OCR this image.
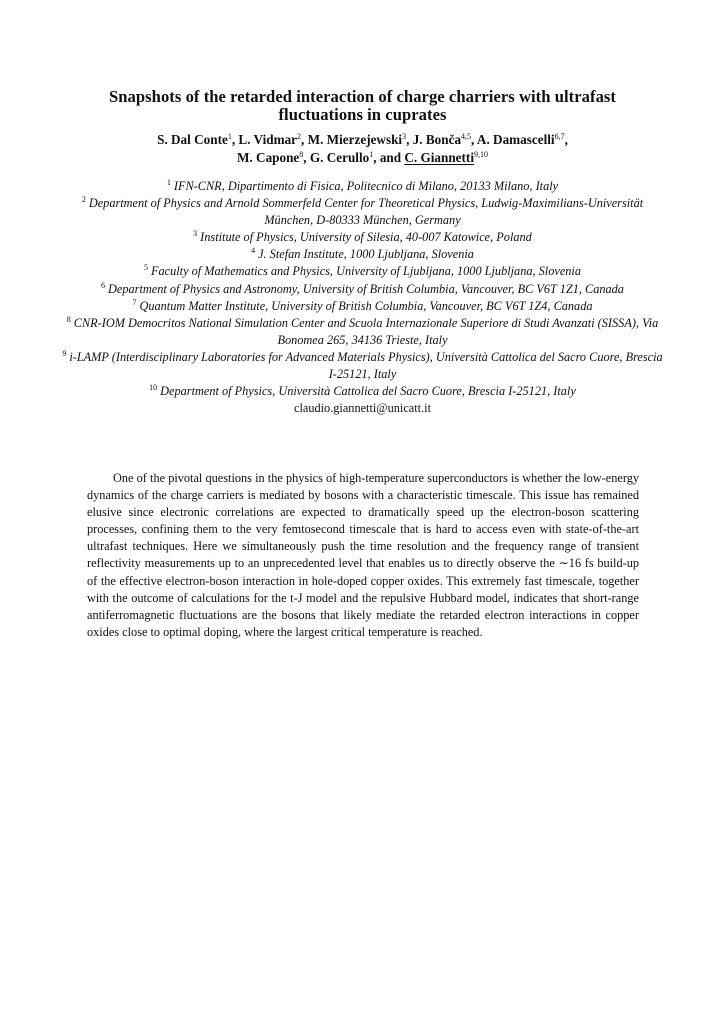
Snapshots of the retarded interaction of charge charriers with ultrafast fluctuations in cuprates
S. Dal Conte$^1$, L. Vidmar$^2$, M. Mierzejewski$^3$, J. Bonča$^{4,5}$, A. Damascelli$^{6,7}$,
M. Capone$^8$, G. Cerullo$^1$, and C. Giannetti$^{9,10}$
$^1$ IFN-CNR, Dipartimento di Fisica, Politecnico di Milano, 20133 Milano, Italy
$^2$ Department of Physics and Arnold Sommerfeld Center for Theoretical Physics, Ludwig-Maximilians-Universität München, D-80333 München, Germany
$^3$ Institute of Physics, University of Silesia, 40-007 Katowice, Poland
$^4$ J. Stefan Institute, 1000 Ljubljana, Slovenia
$^5$ Faculty of Mathematics and Physics, University of Ljubljana, 1000 Ljubljana, Slovenia
$^6$ Department of Physics and Astronomy, University of British Columbia, Vancouver, BC V6T 1Z1, Canada
$^7$ Quantum Matter Institute, University of British Columbia, Vancouver, BC V6T 1Z4, Canada
$^8$ CNR-IOM Democritos National Simulation Center and Scuola Internazionale Superiore di Studi Avanzati (SISSA), Via Bonomea 265, 34136 Trieste, Italy
$^9$ i-LAMP (Interdisciplinary Laboratories for Advanced Materials Physics), Università Cattolica del Sacro Cuore, Brescia I-25121, Italy
$^{10}$ Department of Physics, Università Cattolica del Sacro Cuore, Brescia I-25121, Italy
claudio.giannetti@unicatt.it

One of the pivotal questions in the physics of high-temperature superconductors is whether the low-energy dynamics of the charge carriers is mediated by bosons with a characteristic timescale. This issue has remained elusive since electronic correlations are expected to dramatically speed up the electron-boson scattering processes, confining them to the very femtosecond timescale that is hard to access even with state-of-the-art ultrafast techniques. Here we simultaneously push the time resolution and the frequency range of transient reflectivity measurements up to an unprecedented level that enables us to directly observe the ∼16 fs build-up of the effective electron-boson interaction in hole-doped copper oxides. This extremely fast timescale, together with the outcome of calculations for the t-J model and the repulsive Hubbard model, indicates that short-range antiferromagnetic fluctuations are the bosons that likely mediate the retarded electron interactions in copper oxides close to optimal doping, where the largest critical temperature is reached.
